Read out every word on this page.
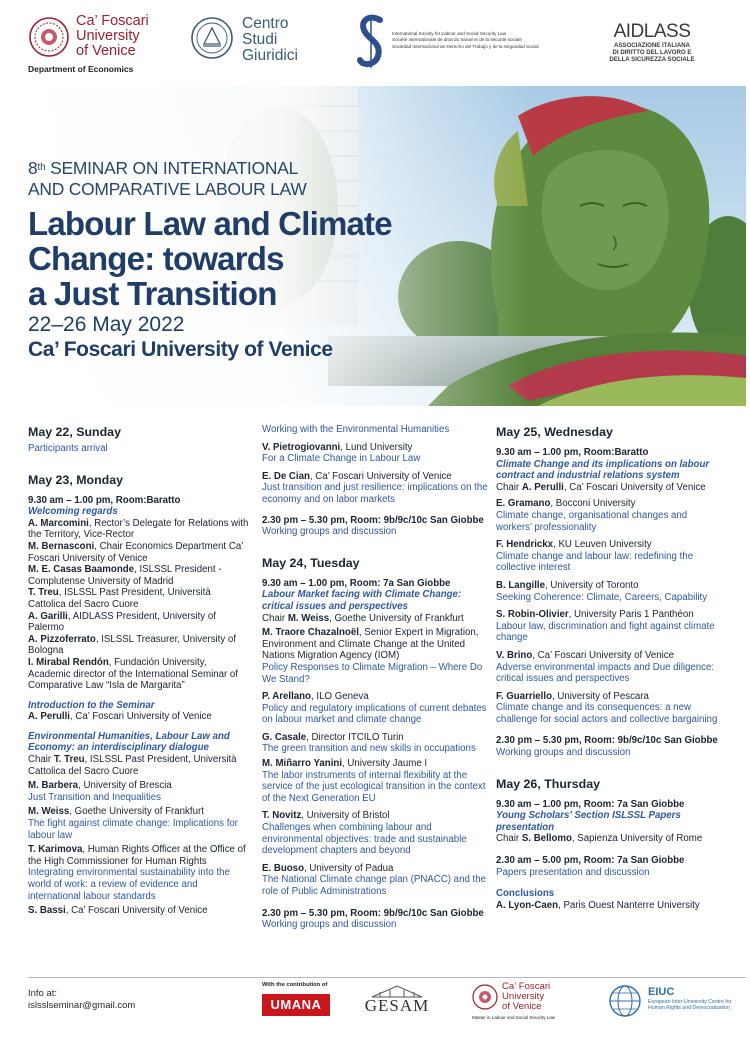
Ca’ Foscari
University
of Venice
Department of Economics
Centro
Studi
Giuridici
International Society for Labour and Social Security Law
Société internationale de droit du travail et de la sécurité sociale
Sociedad Internacional de Derecho del Trabajo y de la Seguridad Social
AIDLASS
ASSOCIAZIONE ITALIANA
DI DIRITTO DEL LAVORO E
DELLA SICUREZZA SOCIALE
8th SEMINAR ON INTERNATIONAL
AND COMPARATIVE LABOUR LAW
Labour Law and Climate
Change: towards
a Just Transition
22–26 May 2022
Ca’ Foscari University of Venice
May 22, Sunday
Participants arrival
May 23, Monday
9.30 am – 1.00 pm, Room:Baratto
Welcoming regards
A. Marcomini, Rector’s Delegate for Relations with the Territory, Vice-Rector
M. Bernasconi, Chair Economics Department Ca’ Foscari University of Venice
M. E. Casas Baamonde, ISLSSL President - Complutense University of Madrid
T. Treu, ISLSSL Past President, Università Cattolica del Sacro Cuore
A. Garilli, AIDLASS President, University of Palermo
A. Pizzoferrato, ISLSSL Treasurer, University of Bologna
I. Mirabal Rendón, Fundación University, Academic director of the International Seminar of Comparative Law “Isla de Margarita”
Introduction to the Seminar
A. Perulli, Ca’ Foscari University of Venice
Environmental Humanities, Labour Law and Economy: an interdisciplinary dialogue
Chair T. Treu, ISLSSL Past President, Università Cattolica del Sacro Cuore
M. Barbera, University of Brescia
Just Transition and Inequalities
M. Weiss, Goethe University of Frankfurt
The fight against climate change: Implications for labour law
T. Karimova, Human Rights Officer at the Office of the High Commissioner for Human Rights
Integrating environmental sustainability into the world of work: a review of evidence and international labour standards
S. Bassi, Ca’ Foscari University of Venice
Working with the Environmental Humanities
V. Pietrogiovanni, Lund University
For a Climate Change in Labour Law
E. De Cian, Ca’ Foscari University of Venice
Just transition and just resilience: implications on the economy and on labor markets
2.30 pm – 5.30 pm, Room: 9b/9c/10c San Giobbe
Working groups and discussion
May 24, Tuesday
9.30 am – 1.00 pm, Room: 7a San Giobbe
Labour Market facing with Climate Change: critical issues and perspectives
Chair M. Weiss, Goethe University of Frankfurt
M. Traore Chazalnoël, Senior Expert in Migration, Environment and Climate Change at the United Nations Migration Agency (IOM)
Policy Responses to Climate Migration – Where Do We Stand?
P. Arellano, ILO Geneva
Policy and regulatory implications of current debates on labour market and climate change
G. Casale, Director ITCILO Turin
The green transition and new skills in occupations
M. Miñarro Yanini, University Jaume I
The labor instruments of internal flexibility at the service of the just ecological transition in the context of the Next Generation EU
T. Novitz, University of Bristol
Challenges when combining labour and environmental objectives: trade and sustainable development chapters and beyond
E. Buoso, University of Padua
The National Climate change plan (PNACC) and the role of Public Administrations
2.30 pm – 5.30 pm, Room: 9b/9c/10c San Giobbe
Working groups and discussion
May 25, Wednesday
9.30 am – 1.00 pm, Room:Baratto
Climate Change and its implications on labour contract and industrial relations system
Chair A. Perulli, Ca’ Foscari University of Venice
E. Gramano, Bocconi University
Climate change, organisational changes and workers’ professionality
F. Hendrickx, KU Leuven University
Climate change and labour law: redefining the collective interest
B. Langille, University of Toronto
Seeking Coherence: Climate, Careers, Capability
S. Robin-Olivier, University Paris 1 Panthéon
Labour law, discrimination and fight against climate change
V. Brino, Ca’ Foscari University of Venice
Adverse environmental impacts and Due diligence: critical issues and perspectives
F. Guarriello, University of Pescara
Climate change and its consequences: a new challenge for social actors and collective bargaining
2.30 pm – 5.30 pm, Room: 9b/9c/10c San Giobbe
Working groups and discussion
May 26, Thursday
9.30 am – 1.00 pm, Room: 7a San Giobbe
Young Scholars’ Section ISLSSL Papers presentation
Chair S. Bellomo, Sapienza University of Rome
2.30 am – 5.00 pm, Room: 7a San Giobbe
Papers presentation and discussion
Conclusions
A. Lyon-Caen, Paris Ouest Nanterre University
Info at:
islsslseminar@gmail.com
With the contribution of
UMANA	GESAM
Ca’ Foscari
University
of Venice
Master in Labour and Social Security Law
EIUC
European Inter-University Centre for Human Rights and Democratisation
